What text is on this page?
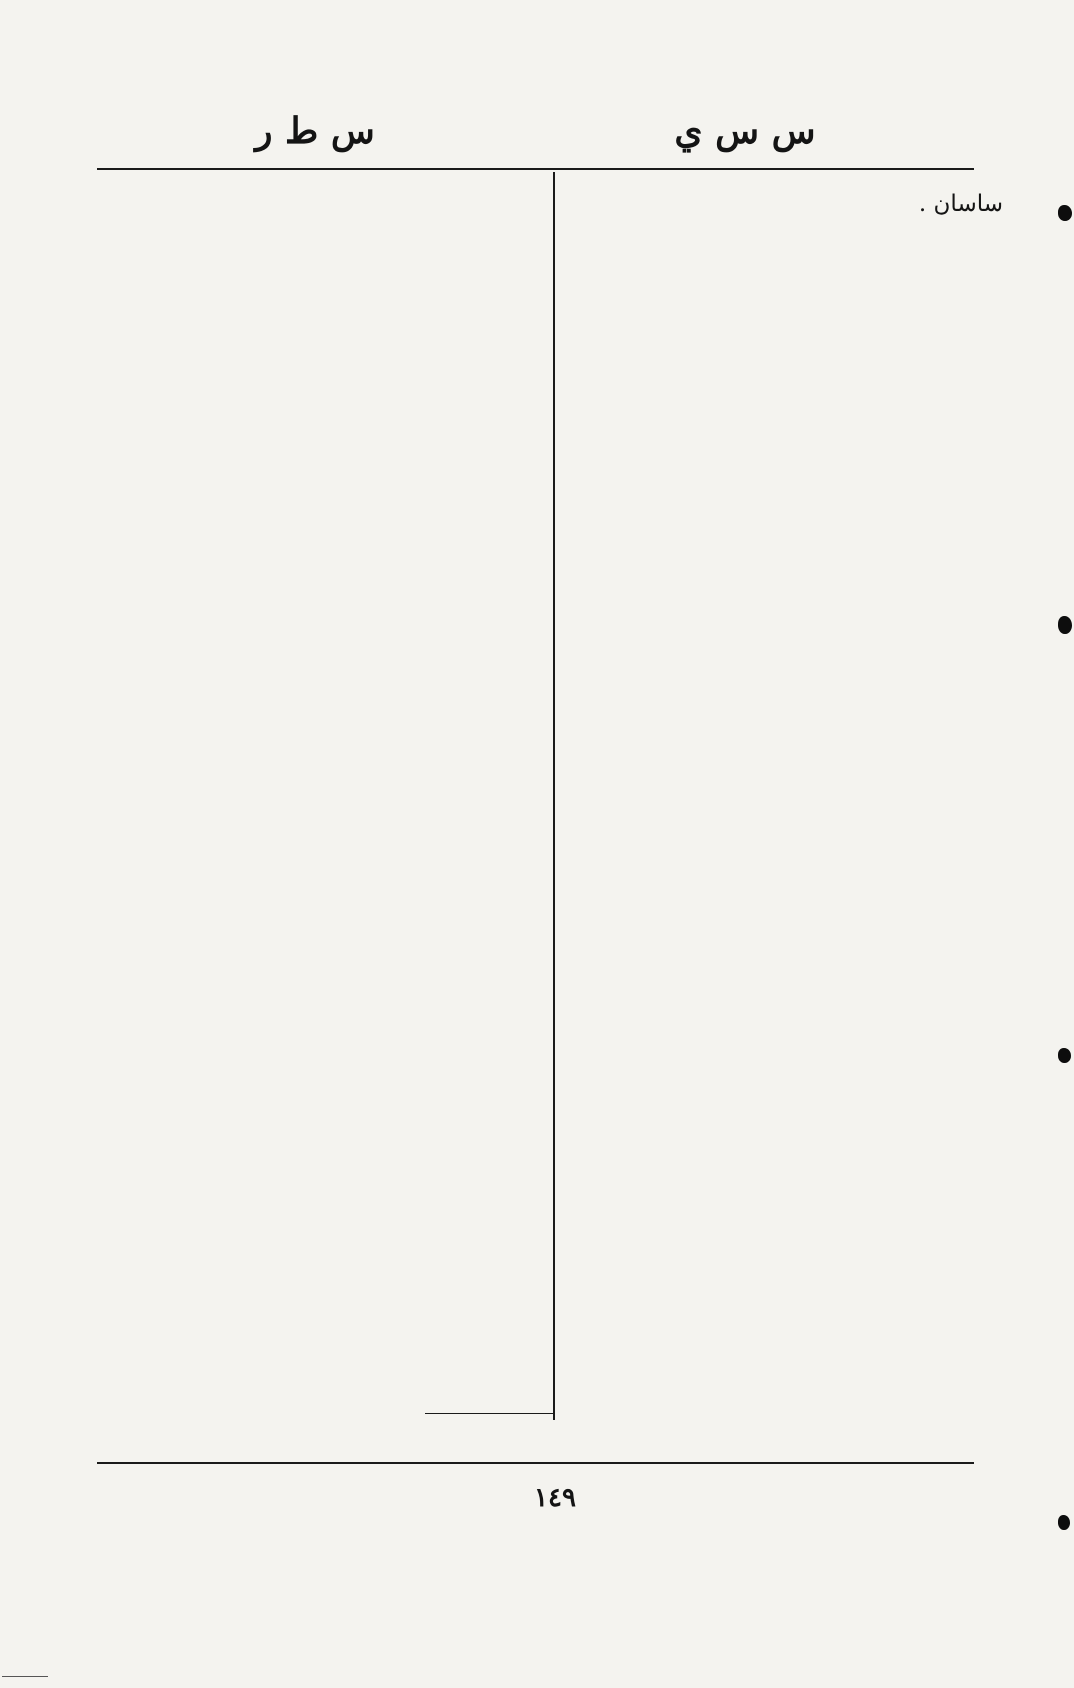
س س ي
س ط ر
ساسان .
١٤٩
